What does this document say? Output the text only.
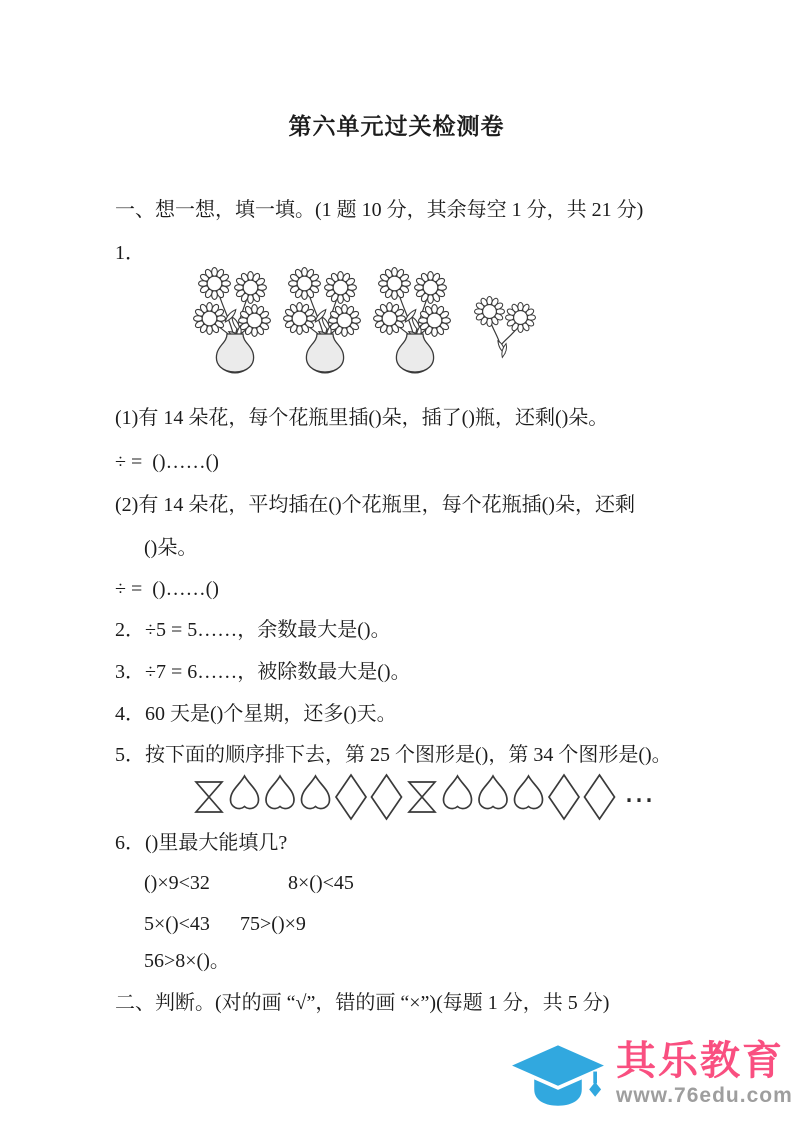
第六单元过关检测卷
一、想一想，填一填。(1 题 10 分，其余每空 1 分，共 21 分)
1．
(1)有 14 朵花，每个花瓶里插()朵，插了()瓶，还剩()朵。
÷ =  ()……()
(2)有 14 朵花，平均插在()个花瓶里，每个花瓶插()朵，还剩
()朵。
÷ =  ()……()
2．÷5 = 5……，余数最大是()。
3．÷7 = 6……，被除数最大是()。
4．60 天是()个星期，还多()天。
5．按下面的顺序排下去，第 25 个图形是()，第 34 个图形是()。
…
6．()里最大能填几?
()×9<32	8×()<45
5×()<43 75>()×9
56>8×()。
二、判断。(对的画 “√”，错的画 “×”)(每题 1 分，共 5 分)
其乐教育
www.76edu.com
